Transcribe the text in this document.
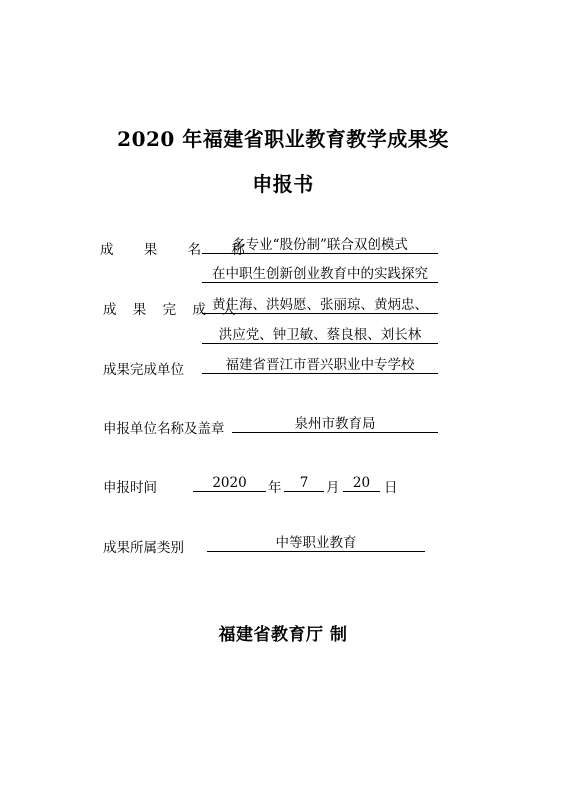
2020 年福建省职业教育教学成果奖
申报书
成 果 名 称
多专业“股份制”联合双创模式
在中职生创新创业教育中的实践探究
成 果 完 成 人
黄生海、洪妈愿、张丽琼、黄炳忠、
洪应党、钟卫敏、蔡良根、刘长林
成果完成单位	福建省晋江市晋兴职业中专学校
申报单位名称及盖章	泉州市教育局
申报时间	2020	年	7	月 20	日
成果所属类别	中等职业教育
福建省教育厅 制
